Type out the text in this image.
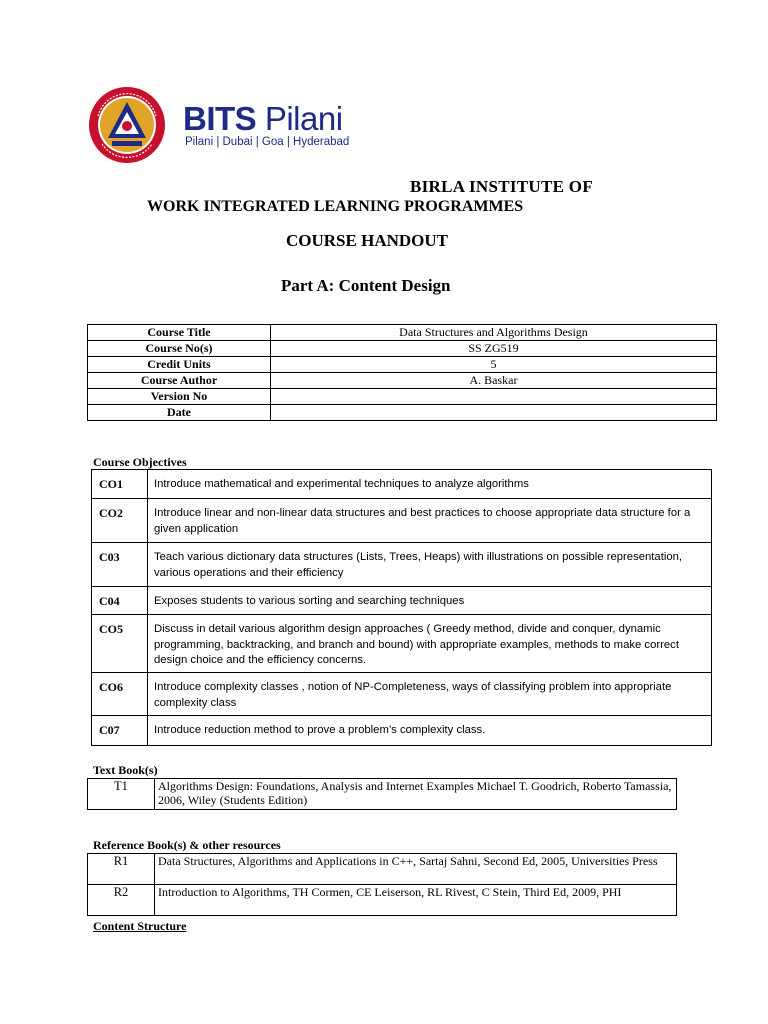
BITS Pilani
Pilani | Dubai | Goa | Hyderabad
BIRLA INSTITUTE OF
WORK INTEGRATED LEARNING PROGRAMMES
COURSE HANDOUT
Part A: Content Design
Course Title	Data Structures and Algorithms Design
Course No(s)	SS ZG519
Credit Units	5
Course Author	A. Baskar
Version No	
Date	
Course Objectives
CO1	Introduce mathematical and experimental techniques to analyze algorithms
CO2	Introduce linear and non-linear data structures and best practices to choose appropriate data structure for a given application
C03	Teach various dictionary data structures (Lists, Trees, Heaps) with illustrations on possible representation, various operations and their efficiency
C04	Exposes students to various sorting and searching techniques
CO5	Discuss in detail various algorithm design approaches ( Greedy method, divide and conquer, dynamic programming, backtracking, and branch and bound) with appropriate examples, methods to make correct design choice and the efficiency concerns.
CO6	Introduce complexity classes , notion of NP-Completeness, ways of classifying problem into appropriate complexity class
C07	Introduce reduction method to prove a problem’s complexity class.
Text Book(s)
T1	Algorithms Design: Foundations, Analysis and Internet Examples Michael T. Goodrich, Roberto Tamassia, 2006, Wiley (Students Edition)
Reference Book(s) & other resources
R1	Data Structures, Algorithms and Applications in C++, Sartaj Sahni, Second Ed, 2005, Universities Press
R2	Introduction to Algorithms, TH Cormen, CE Leiserson, RL Rivest, C Stein, Third Ed, 2009, PHI
Content Structure
